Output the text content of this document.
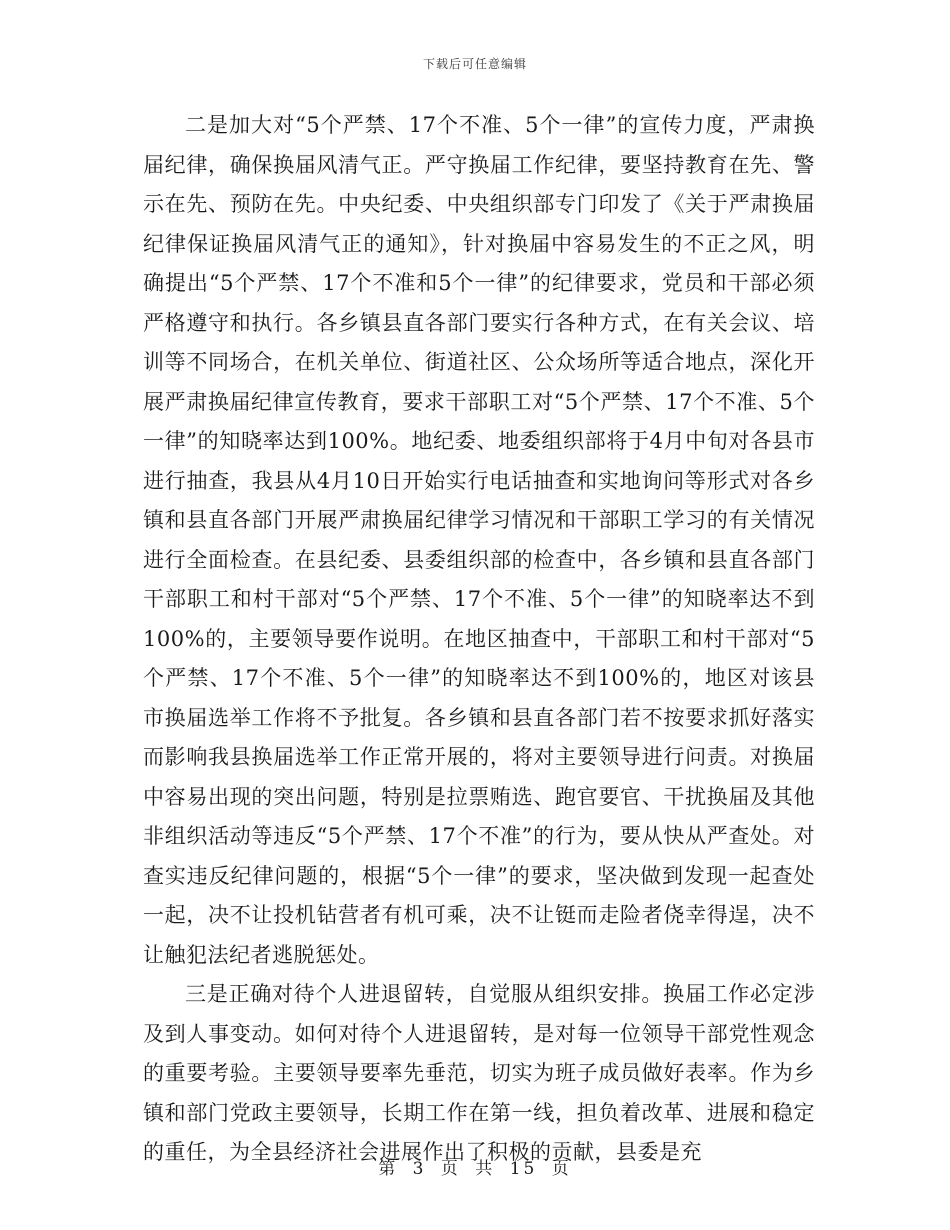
下载后可任意编辑

二是加大对“5个严禁、17个不准、5个一律”的宣传力度，严肃换届纪律，确保换届风清气正。严守换届工作纪律，要坚持教育在先、警示在先、预防在先。中央纪委、中央组织部专门印发了《关于严肃换届纪律保证换届风清气正的通知》，针对换届中容易发生的不正之风，明确提出“5个严禁、17个不准和5个一律”的纪律要求，党员和干部必须严格遵守和执行。各乡镇县直各部门要实行各种方式，在有关会议、培训等不同场合，在机关单位、街道社区、公众场所等适合地点，深化开展严肃换届纪律宣传教育，要求干部职工对“5个严禁、17个不准、5个一律”的知晓率达到100%。地纪委、地委组织部将于4月中旬对各县市进行抽查，我县从4月10日开始实行电话抽查和实地询问等形式对各乡镇和县直各部门开展严肃换届纪律学习情况和干部职工学习的有关情况进行全面检查。在县纪委、县委组织部的检查中，各乡镇和县直各部门干部职工和村干部对“5个严禁、17个不准、5个一律”的知晓率达不到100%的，主要领导要作说明。在地区抽查中，干部职工和村干部对“5个严禁、17个不准、5个一律”的知晓率达不到100%的，地区对该县市换届选举工作将不予批复。各乡镇和县直各部门若不按要求抓好落实而影响我县换届选举工作正常开展的，将对主要领导进行问责。对换届中容易出现的突出问题，特别是拉票贿选、跑官要官、干扰换届及其他非组织活动等违反“5个严禁、17个不准”的行为，要从快从严查处。对查实违反纪律问题的，根据“5个一律”的要求，坚决做到发现一起查处一起，决不让投机钻营者有机可乘，决不让铤而走险者侥幸得逞，决不让触犯法纪者逃脱惩处。

三是正确对待个人进退留转，自觉服从组织安排。换届工作必定涉及到人事变动。如何对待个人进退留转，是对每一位领导干部党性观念的重要考验。主要领导要率先垂范，切实为班子成员做好表率。作为乡镇和部门党政主要领导，长期工作在第一线，担负着改革、进展和稳定的重任，为全县经济社会进展作出了积极的贡献，县委是充

第 3 页 共 15 页
